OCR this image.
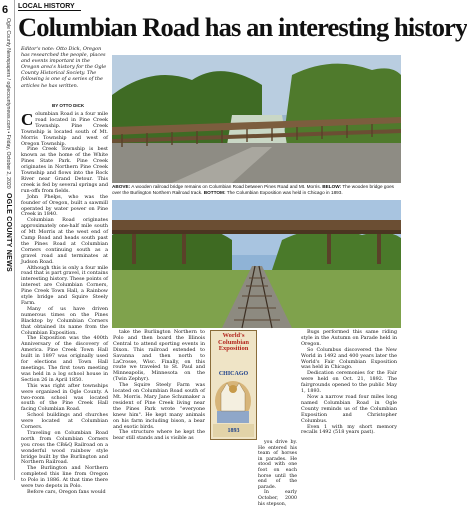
6
Ogle County Newspapers / oglecountynews.com • Friday, October 2, 2020   OGLE COUNTY NEWS
LOCAL HISTORY
Columbian Road has an interesting history
Editor's note: Otto Dick, Oregon has researched the people, places and events important in the Oregon area's history for the Ogle County Historical Society. The following is one of a series of the articles he has written.
BY OTTO DICK

Columbian Road is a four mile road located in Pine Creek Township. Pine Creek Township is located south of Mt. Morris Township and west of Oregon Township.

Pine Creek Township is best known as the home of the White Pines State Park. Pine Creek originates in Northern Pine Creek Township and flows into the Rock River near Grand Detour. This creek is fed by several springs and run-offs from fields.

John Phelps, who was the founder of Oregon, built a sawmill operated by water power on Pine Creek in 1840.

Columbian Road originates approximately one-half mile south of Mt Morris at the west end of Camp Road and heads south past the Pines Road at Columbian Corners continuing south as a gravel road and terminates at Judson Road.

Although this is only a four mile road that is part gravel, it contains interesting history. These points of interest are Columbian Corners, Pine Creek Town Hall, a Rainbow style bridge and Squire Steely Farm.

Many of us have driven numerous times on the Pines Blacktop by Columbian Corners that obtained its name from the Columbian Exposition.

The Exposition was the 400th Anniversary of the discovery of America. Pine Creek Town Hall built in 1897 was originally used for elections and Town Hall meetings. The first town meeting was held in a log school house in Section 26 in April 1850.

This was right after townships were organized in Ogle County. A two-room school was located south of the Pine Creek Hall facing Columbian Road.

School buildings and churches were located at Columbian Corners.

Traveling on Columbian Road north from Columbian Corners you cross the CB&Q Railroad on a wonderful wood rainbow style bridge built by the Burlington and Northern Railroad.

The Burlington and Northern completed this line from Oregon to Polo in 1886. At that time there were two depots in Polo.

Before cars, Oregon fans would

ABOVE: A wooden railroad bridge remains on Columbian Road between Pines Road and Mt. Morris. BELOW: The wooden bridge goes over the Burlington Northern Railroad track. BOTTOM: The Columbian Exposition was held in Chicago in 1893.

take the Burlington Northern to Polo and then board the Illinois Central to attend sporting events in Dixon. This railroad extended to Savanna and then north to LaCrosse, Wisc. Finally, on this route we traveled to St. Paul and Minneapolis, Minnesota on the (Twin Zephyr).

The Squire Steely Farm was located on Columbian Road south of Mt. Morris. Mary Jane Schumaker a resident of Pine Creek living near the Pines Park wrote "everyone knew him". He kept many animals on his farm including bison, a bear and exotic birds.

The structure where he kept the bear still stands and is visible as

World's Columbian Exposition
CHICAGO
1893

you drive by. He entered his team of horses in parades. He stood with one foot on each horse until the end of the parade.

In early October, 2000 his stepson,

Bugs performed this same riding style in the Autumn on Parade held in Oregon.

So Columbus discovered the New World in 1492 and 400 years later the World's Fair Columbian Exposition was held in Chicago.

Dedication ceremonies for the Fair were held on Oct. 21, 1892. The fairgrounds opened to the public May 1, 1893.

Now a narrow road four miles long named Columbian Road in Ogle County reminds us of the Columbian Exposition and Christopher Columbus.

Even 1 with my short memory recalls 1492 (518 years past).
